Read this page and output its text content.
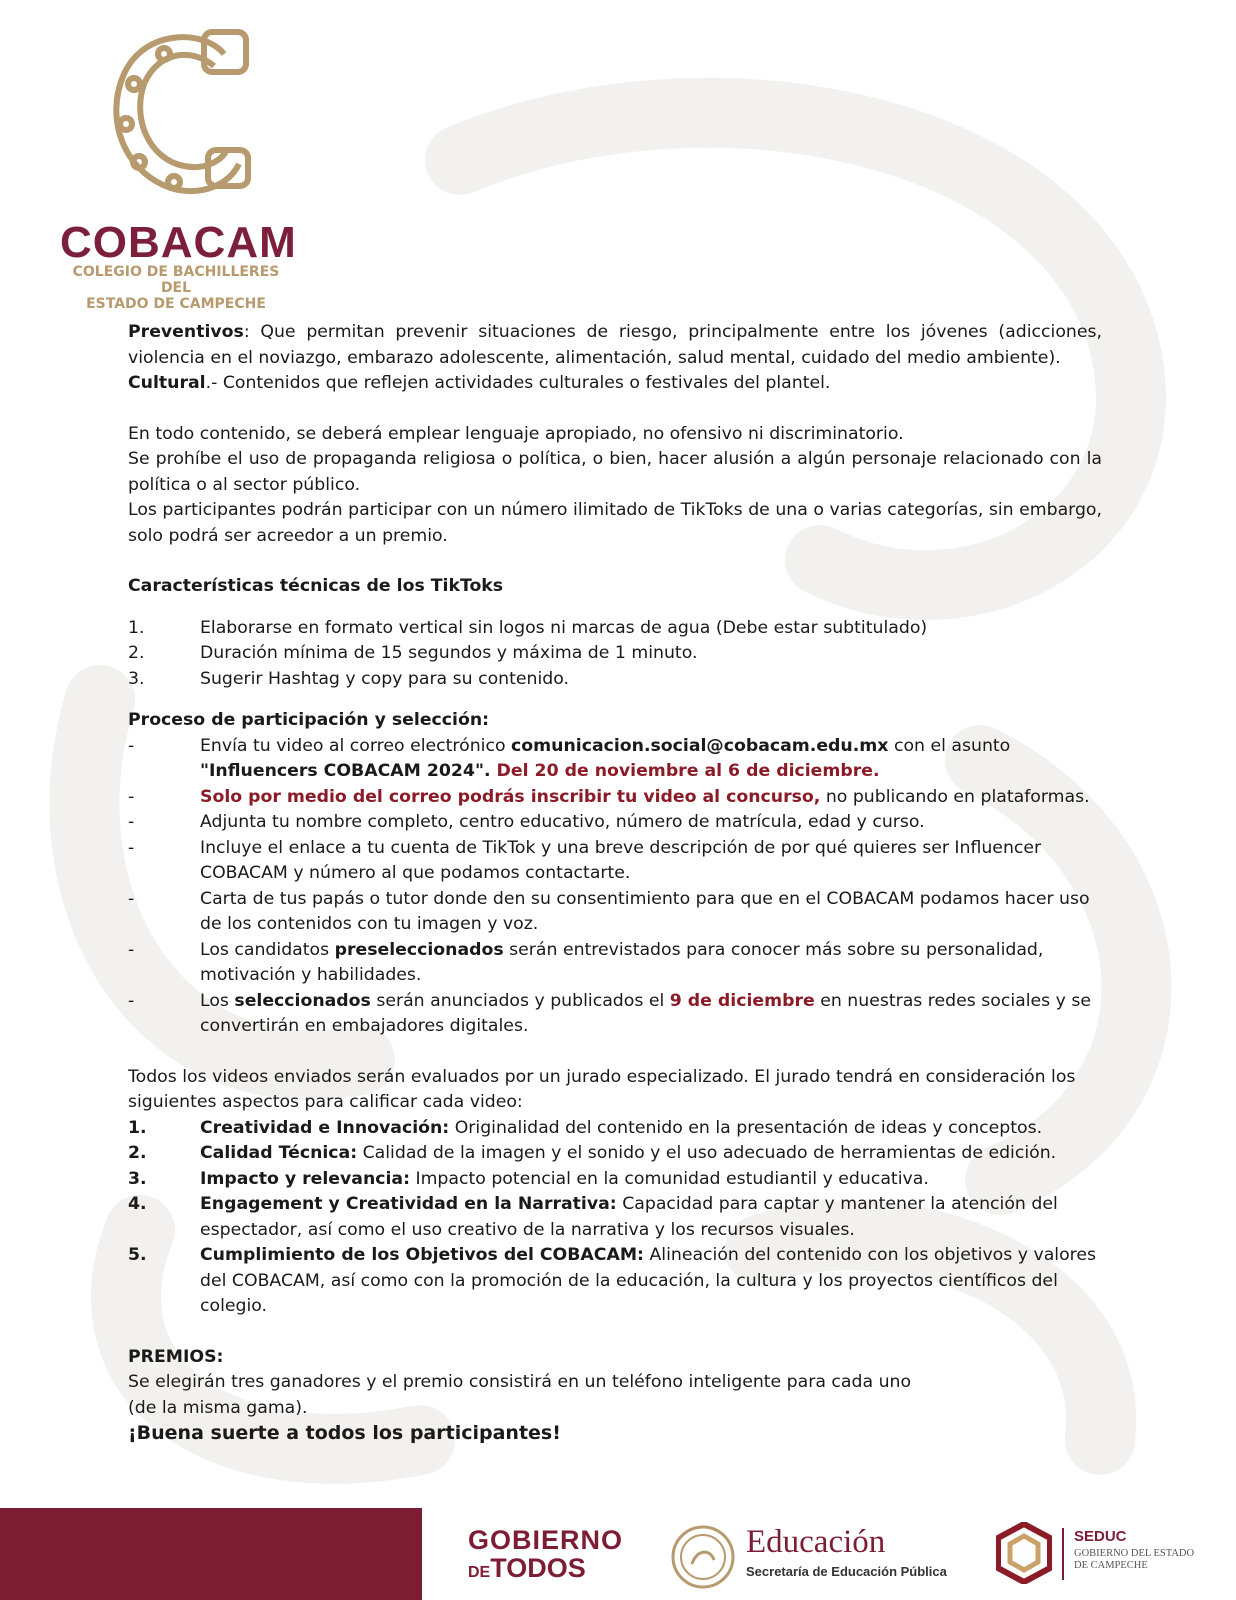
COBACAM
COLEGIO DE BACHILLERES DEL
ESTADO DE CAMPECHE

Preventivos: Que permitan prevenir situaciones de riesgo, principalmente entre los jóvenes (adicciones, violencia en el noviazgo, embarazo adolescente, alimentación, salud mental, cuidado del medio ambiente).

Cultural.- Contenidos que reflejen actividades culturales o festivales del plantel.

En todo contenido, se deberá emplear lenguaje apropiado, no ofensivo ni discriminatorio.

Se prohíbe el uso de propaganda religiosa o política, o bien, hacer alusión a algún personaje relacionado con la política o al sector público.

Los participantes podrán participar con un número ilimitado de TikToks de una o varias categorías, sin embargo, solo podrá ser acreedor a un premio.

Características técnicas de los TikToks

1.	Elaborarse en formato vertical sin logos ni marcas de agua (Debe estar subtitulado)
2.	Duración mínima de 15 segundos y máxima de 1 minuto.
3.	Sugerir Hashtag y copy para su contenido.

Proceso de participación y selección:

-	Envía tu video al correo electrónico comunicacion.social@cobacam.edu.mx con el asunto
"Influencers COBACAM 2024". Del 20 de noviembre al 6 de diciembre.
-	Solo por medio del correo podrás inscribir tu video al concurso, no publicando en plataformas.
-	Adjunta tu nombre completo, centro educativo, número de matrícula, edad y curso.
-	Incluye el enlace a tu cuenta de TikTok y una breve descripción de por qué quieres ser Influencer COBACAM y número al que podamos contactarte.
-	Carta de tus papás o tutor donde den su consentimiento para que en el COBACAM podamos hacer uso de los contenidos con tu imagen y voz.
-	Los candidatos preseleccionados serán entrevistados para conocer más sobre su personalidad, motivación y habilidades.
-	Los seleccionados serán anunciados y publicados el 9 de diciembre en nuestras redes sociales y se convertirán en embajadores digitales.

Todos los videos enviados serán evaluados por un jurado especializado. El jurado tendrá en consideración los siguientes aspectos para calificar cada video:

1.	Creatividad e Innovación: Originalidad del contenido en la presentación de ideas y conceptos.
2.	Calidad Técnica: Calidad de la imagen y el sonido y el uso adecuado de herramientas de edición.
3.	Impacto y relevancia: Impacto potencial en la comunidad estudiantil y educativa.
4.	Engagement y Creatividad en la Narrativa: Capacidad para captar y mantener la atención del espectador, así como el uso creativo de la narrativa y los recursos visuales.
5.	Cumplimiento de los Objetivos del COBACAM: Alineación del contenido con los objetivos y valores del COBACAM, así como con la promoción de la educación, la cultura y los proyectos científicos del colegio.

PREMIOS:

Se elegirán tres ganadores y el premio consistirá en un teléfono inteligente para cada uno

(de la misma gama).

¡Buena suerte a todos los participantes!

GOBIERNO
DETODOS
Educación
Secretaría de Educación Pública
SEDUC
GOBIERNO DEL ESTADO
DE CAMPECHE
